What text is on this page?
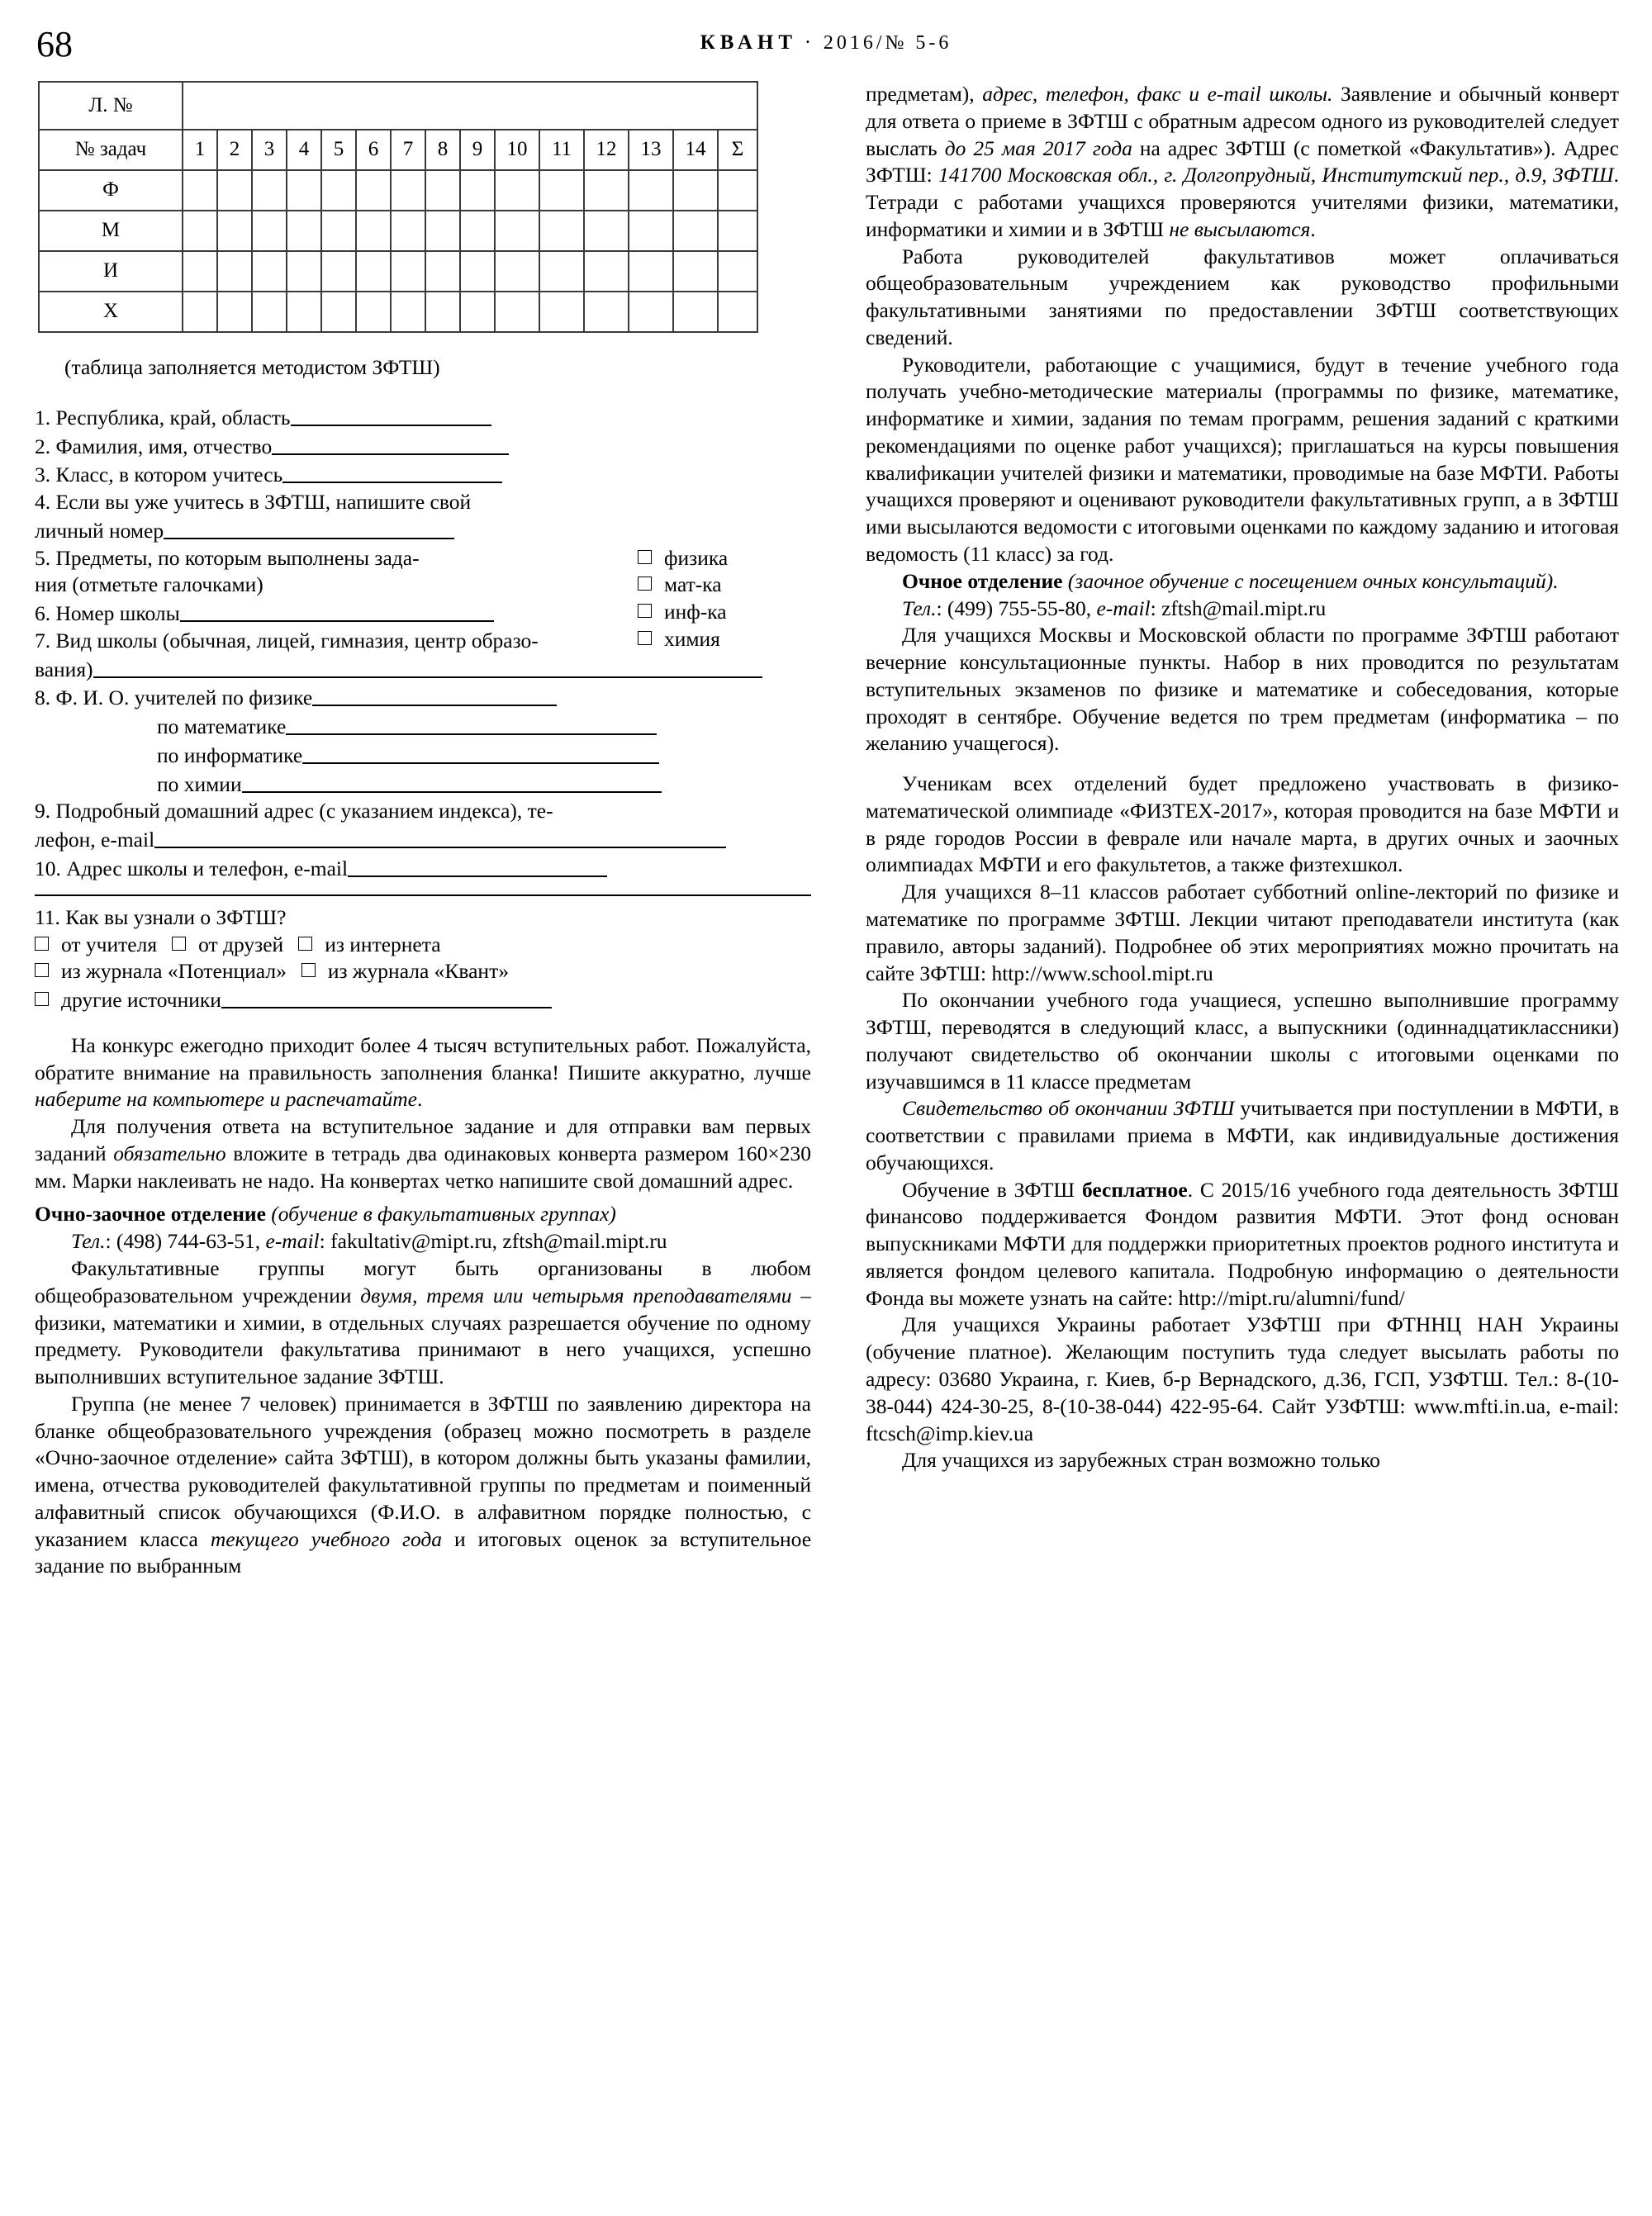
68	КВАНТ · 2016/№ 5-6
Л. №															
№ задач	1	2	3	4	5	6	7	8	9	10	11	12	13	14	Σ
Ф															
М															
И															
Х															
(таблица заполняется методистом ЗФТШ)
1. Республика, край, область
2. Фамилия, имя, отчество
3. Класс, в котором учитесь
4. Если вы уже учитесь в ЗФТШ, напишите свой
личный номер
5. Предметы, по которым выполнены зада-
ния (отметьте галочками)
физика
мат-ка
инф-ка
химия
6. Номер школы
7. Вид школы (обычная, лицей, гимназия, центр образо-
вания)
8. Ф. И. О. учителей по физике
по математике
по информатике
по химии
9. Подробный домашний адрес (с указанием индекса), те-
лефон, e-mail
10. Адрес школы и телефон, e-mail
11. Как вы узнали о ЗФТШ?
от учителя от друзей из интернета
из журнала «Потенциал» из журнала «Квант»
другие источники

На конкурс ежегодно приходит более 4 тысяч вступительных работ. Пожалуйста, обратите внимание на правильность заполнения бланка! Пишите аккуратно, лучше наберите на компьютере и распечатайте.

Для получения ответа на вступительное задание и для отправки вам первых заданий обязательно вложите в тетрадь два одинаковых конверта размером 160×230 мм. Марки наклеивать не надо. На конвертах четко напишите свой домашний адрес.

Очно-заочное отделение (обучение в факультативных группах)

Тел.: (498) 744-63-51, e-mail: fakultativ@mipt.ru, zftsh@mail.mipt.ru

Факультативные группы могут быть организованы в любом общеобразовательном учреждении двумя, тремя или четырьмя преподавателями – физики, математики и химии, в отдельных случаях разрешается обучение по одному предмету. Руководители факультатива принимают в него учащихся, успешно выполнивших вступительное задание ЗФТШ.

Группа (не менее 7 человек) принимается в ЗФТШ по заявлению директора на бланке общеобразовательного учреждения (образец можно посмотреть в разделе «Очно-заочное отделение» сайта ЗФТШ), в котором должны быть указаны фамилии, имена, отчества руководителей факультативной группы по предметам и поименный алфавитный список обучающихся (Ф.И.О. в алфавитном порядке полностью, с указанием класса текущего учебного года и итоговых оценок за вступительное задание по выбранным

предметам), адрес, телефон, факс и e-mail школы. Заявление и обычный конверт для ответа о приеме в ЗФТШ с обратным адресом одного из руководителей следует выслать до 25 мая 2017 года на адрес ЗФТШ (с пометкой «Факультатив»). Адрес ЗФТШ: 141700 Московская обл., г. Долгопрудный, Институтский пер., д.9, ЗФТШ. Тетради с работами учащихся проверяются учителями физики, математики, информатики и химии и в ЗФТШ не высылаются.

Работа руководителей факультативов может оплачиваться общеобразовательным учреждением как руководство профильными факультативными занятиями по предоставлении ЗФТШ соответствующих сведений.

Руководители, работающие с учащимися, будут в течение учебного года получать учебно-методические материалы (программы по физике, математике, информатике и химии, задания по темам программ, решения заданий с краткими рекомендациями по оценке работ учащихся); приглашаться на курсы повышения квалификации учителей физики и математики, проводимые на базе МФТИ. Работы учащихся проверяют и оценивают руководители факультативных групп, а в ЗФТШ ими высылаются ведомости с итоговыми оценками по каждому заданию и итоговая ведомость (11 класс) за год.

Очное отделение (заочное обучение с посещением очных консультаций).

Тел.: (499) 755-55-80, e-mail: zftsh@mail.mipt.ru

Для учащихся Москвы и Московской области по программе ЗФТШ работают вечерние консультационные пункты. Набор в них проводится по результатам вступительных экзаменов по физике и математике и собеседования, которые проходят в сентябре. Обучение ведется по трем предметам (информатика – по желанию учащегося).

Ученикам всех отделений будет предложено участвовать в физико-математической олимпиаде «ФИЗТЕХ-2017», которая проводится на базе МФТИ и в ряде городов России в феврале или начале марта, в других очных и заочных олимпиадах МФТИ и его факультетов, а также физтехшкол.

Для учащихся 8–11 классов работает субботний online-лекторий по физике и математике по программе ЗФТШ. Лекции читают преподаватели института (как правило, авторы заданий). Подробнее об этих мероприятиях можно прочитать на сайте ЗФТШ: http://www.school.mipt.ru

По окончании учебного года учащиеся, успешно выполнившие программу ЗФТШ, переводятся в следующий класс, а выпускники (одиннадцатиклассники) получают свидетельство об окончании школы с итоговыми оценками по изучавшимся в 11 классе предметам

Свидетельство об окончании ЗФТШ учитывается при поступлении в МФТИ, в соответствии с правилами приема в МФТИ, как индивидуальные достижения обучающихся.

Обучение в ЗФТШ бесплатное. С 2015/16 учебного года деятельность ЗФТШ финансово поддерживается Фондом развития МФТИ. Этот фонд основан выпускниками МФТИ для поддержки приоритетных проектов родного института и является фондом целевого капитала. Подробную информацию о деятельности Фонда вы можете узнать на сайте: http://mipt.ru/alumni/fund/

Для учащихся Украины работает УЗФТШ при ФТННЦ НАН Украины (обучение платное). Желающим поступить туда следует высылать работы по адресу: 03680 Украина, г. Киев, б-р Вернадского, д.36, ГСП, УЗФТШ. Тел.: 8-(10-38-044) 424-30-25, 8-(10-38-044) 422-95-64. Сайт УЗФТШ: www.mfti.in.ua, e-mail: ftcsch@imp.kiev.ua

Для учащихся из зарубежных стран возможно только
